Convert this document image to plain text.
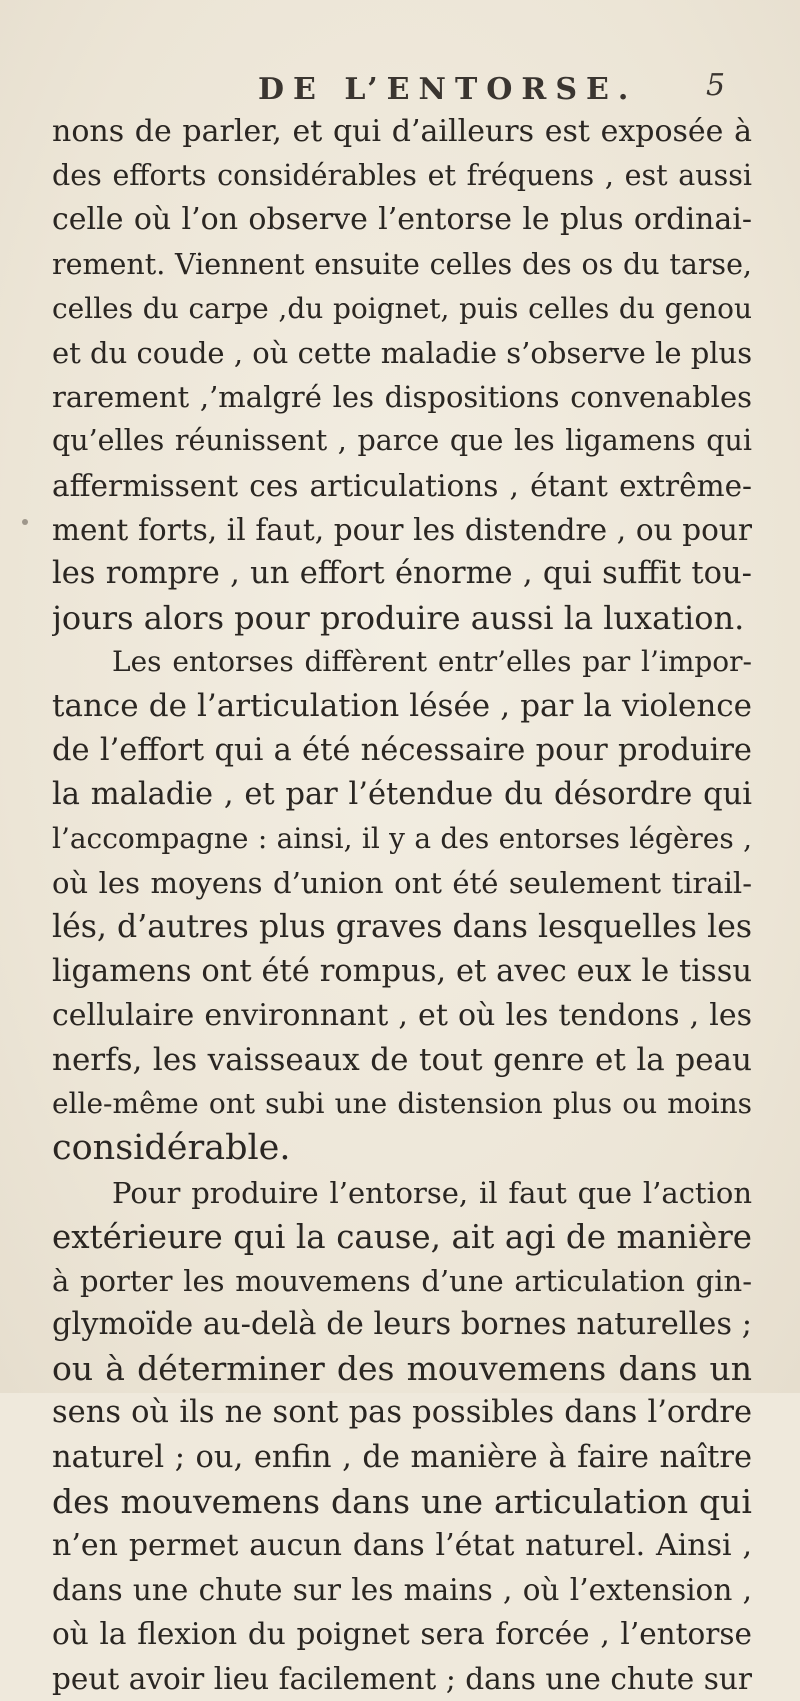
DE L’ENTORSE.	5
nons de parler, et qui d’ailleurs est exposée à
des efforts considérables et fréquens , est aussi
celle où l’on observe l’entorse le plus ordinai-
rement. Viennent ensuite celles des os du tarse,
celles du carpe ,du poignet, puis celles du genou
et du coude , où cette maladie s’observe le plus
rarement ,’malgré les dispositions convenables
qu’elles réunissent , parce que les ligamens qui
affermissent ces articulations , étant extrême-
ment forts, il faut, pour les distendre , ou pour
les rompre , un effort énorme , qui suffit tou-
jours alors pour produire aussi la luxation.
Les entorses diffèrent entr’elles par l’impor-
tance de l’articulation lésée , par la violence
de l’effort qui a été nécessaire pour produire
la maladie , et par l’étendue du désordre qui
l’accompagne : ainsi, il y a des entorses légères ,
où les moyens d’union ont été seulement tirail-
lés, d’autres plus graves dans lesquelles les
ligamens ont été rompus, et avec eux le tissu
cellulaire environnant , et où les tendons , les
nerfs, les vaisseaux de tout genre et la peau
elle-même ont subi une distension plus ou moins
considérable.
Pour produire l’entorse, il faut que l’action
extérieure qui la cause, ait agi de manière
à porter les mouvemens d’une articulation gin-
glymoïde au-delà de leurs bornes naturelles ;
ou à déterminer des mouvemens dans un
sens où ils ne sont pas possibles dans l’ordre
naturel ; ou, enfin , de manière à faire naître
des mouvemens dans une articulation qui
n’en permet aucun dans l’état naturel. Ainsi ,
dans une chute sur les mains , où l’extension ,
où la flexion du poignet sera forcée , l’entorse
peut avoir lieu facilement ; dans une chute sur
